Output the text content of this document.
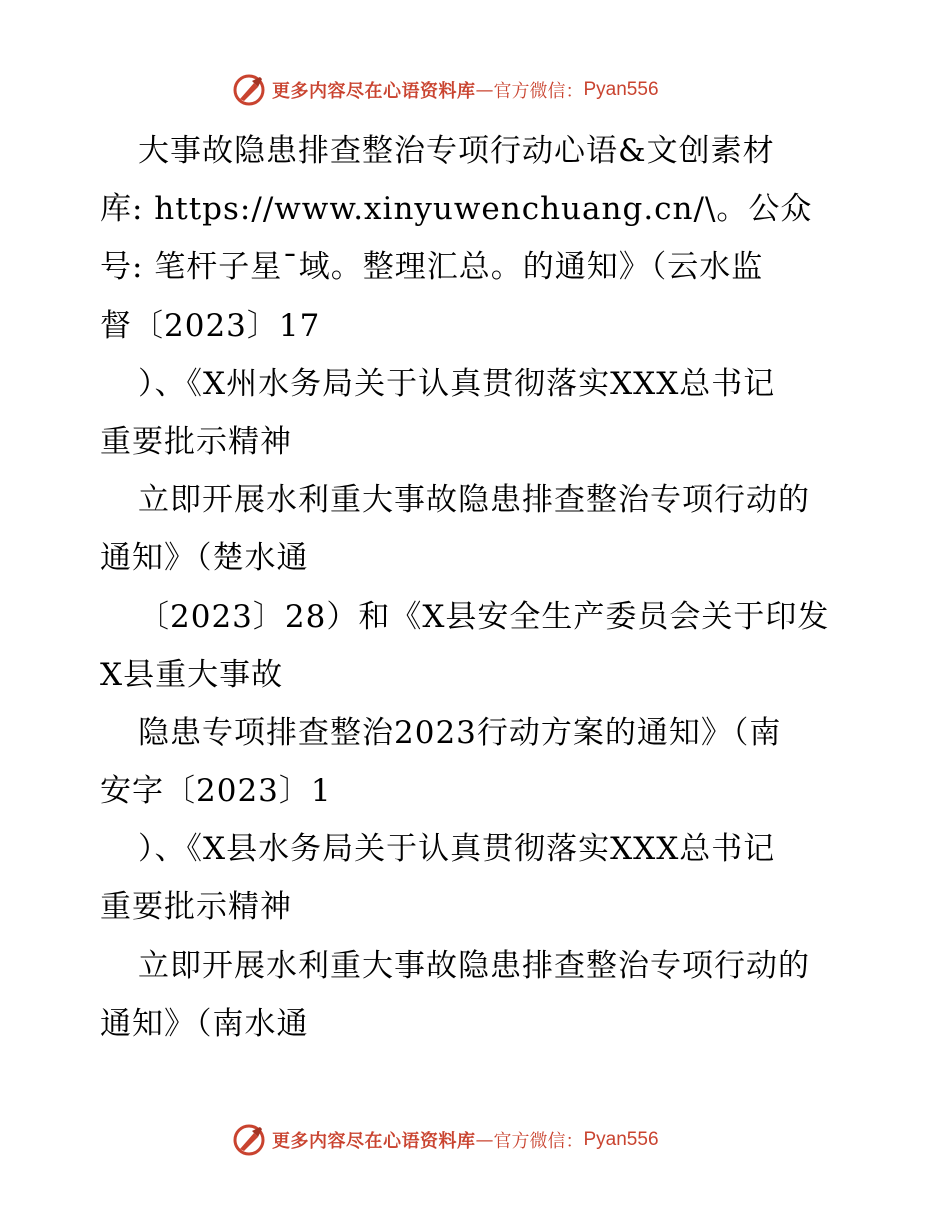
更多内容尽在心语资料库 — 官方微信： Pyan556
大事故隐患排查整治专项行动心语&文创素材
库: https://www.xinyuwenchuang.cn/\。公众
号: 笔杆子星¯域。整理汇总。的通知》（云水监
督〔2023〕17
）、《X州水务局关于认真贯彻落实XXX总书记
重要批示精神
立即开展水利重大事故隐患排查整治专项行动的
通知》（楚水通
〔2023〕28）和《X县安全生产委员会关于印发
X县重大事故
隐患专项排查整治2023行动方案的通知》（南
安字〔2023〕1
）、《X县水务局关于认真贯彻落实XXX总书记
重要批示精神
立即开展水利重大事故隐患排查整治专项行动的
通知》（南水通
更多内容尽在心语资料库 — 官方微信： Pyan556
